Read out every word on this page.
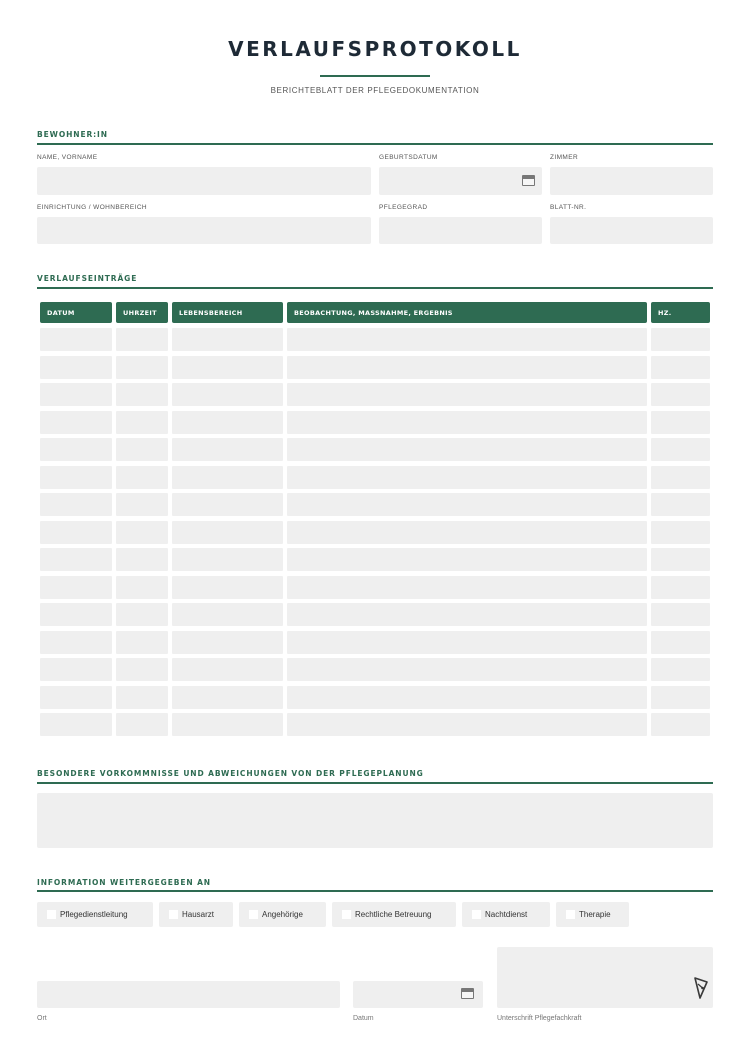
VERLAUFSPROTOKOLL
BERICHTEBLATT DER PFLEGEDOKUMENTATION
BEWOHNER:IN
NAME, VORNAME	GEBURTSDATUM	ZIMMER
EINRICHTUNG / WOHNBEREICH	PFLEGEGRAD	BLATT-NR.
VERLAUFSEINTRÄGE
DATUM	UHRZEIT	LEBENSBEREICH	BEOBACHTUNG, MASSNAHME, ERGEBNIS	HZ.
BESONDERE VORKOMMNISSE UND ABWEICHUNGEN VON DER PFLEGEPLANUNG
INFORMATION WEITERGEGEBEN AN
Pflegedienstleitung	Hausarzt	Angehörige	Rechtliche Betreuung	Nachtdienst	Therapie
Ort	Datum	Unterschrift Pflegefachkraft
